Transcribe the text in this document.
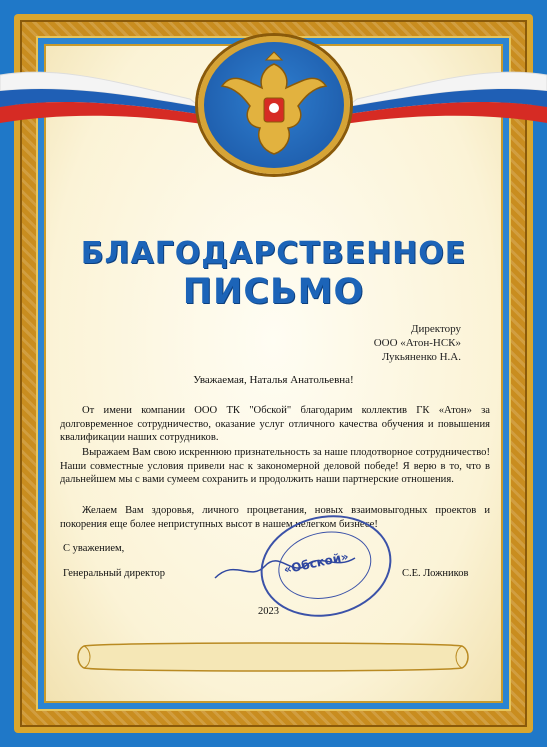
БЛАГОДАРСТВЕННОЕ
ПИСЬМО
Директору
ООО «Атон-НСК»
Лукьяненко Н.А.
Уважаемая, Наталья Анатольевна!
От имени компании ООО ТК "Обской" благодарим коллектив ГК «Атон» за долговременное сотрудничество, оказание услуг отличного качества обучения и повышения квалификации наших сотрудников.
Выражаем Вам свою искреннюю признательность за наше плодотворное сотрудничество! Наши совместные условия привели нас к закономерной деловой победе! Я верю в то, что в дальнейшем мы с вами сумеем сохранить и продолжить наши партнерские отношения.
Желаем Вам здоровья, личного процветания, новых взаимовыгодных проектов и покорения еще более неприступных высот в нашем нелегком бизнесе!
С уважением,
Генеральный директор	С.Е. Ложников
2023
«Обской»
